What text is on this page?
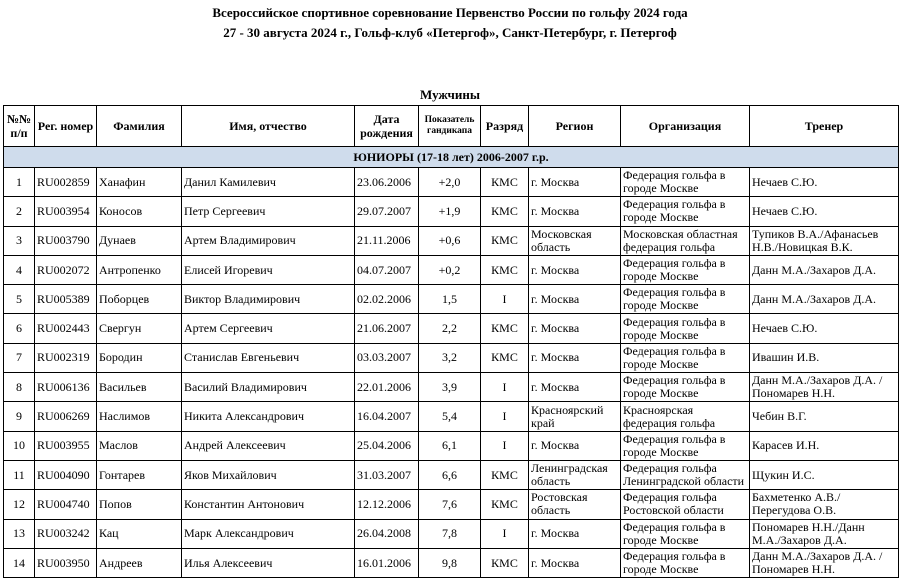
Всероссийское спортивное соревнование Первенство России по гольфу 2024 года
27 - 30 августа 2024 г., Гольф-клуб «Петергоф», Санкт-Петербург, г. Петергоф
Мужчины
№№ п/п	Рег. номер	Фамилия	Имя, отчество	Дата рождения	Показатель гандикапа	Разряд	Регион	Организация	Тренер
ЮНИОРЫ (17-18 лет) 2006-2007 г.р.									
1	RU002859	Ханафин	Данил Камилевич	23.06.2006	+2,0	КМС	г. Москва	Федерация гольфа в городе Москве	Нечаев С.Ю.
2	RU003954	Коносов	Петр Сергеевич	29.07.2007	+1,9	КМС	г. Москва	Федерация гольфа в городе Москве	Нечаев С.Ю.
3	RU003790	Дунаев	Артем Владимирович	21.11.2006	+0,6	КМС	Московская область	Московская областная федерация гольфа	Тупиков В.А./Афанасьев Н.В./Новицкая В.К.
4	RU002072	Антропенко	Елисей Игоревич	04.07.2007	+0,2	КМС	г. Москва	Федерация гольфа в городе Москве	Данн М.А./Захаров Д.А.
5	RU005389	Поборцев	Виктор Владимирович	02.02.2006	1,5	I	г. Москва	Федерация гольфа в городе Москве	Данн М.А./Захаров Д.А.
6	RU002443	Свергун	Артем Сергеевич	21.06.2007	2,2	КМС	г. Москва	Федерация гольфа в городе Москве	Нечаев С.Ю.
7	RU002319	Бородин	Станислав Евгеньевич	03.03.2007	3,2	КМС	г. Москва	Федерация гольфа в городе Москве	Ивашин И.В.
8	RU006136	Васильев	Василий Владимирович	22.01.2006	3,9	I	г. Москва	Федерация гольфа в городе Москве	Данн М.А./Захаров Д.А. /Пономарев Н.Н.
9	RU006269	Наслимов	Никита Александрович	16.04.2007	5,4	I	Красноярский край	Красноярская федерация гольфа	Чебин В.Г.
10	RU003955	Маслов	Андрей Алексеевич	25.04.2006	6,1	I	г. Москва	Федерация гольфа в городе Москве	Карасев И.Н.
11	RU004090	Гонтарев	Яков Михайлович	31.03.2007	6,6	КМС	Ленинградская область	Федерация гольфа Ленинградской области	Щукин И.С.
12	RU004740	Попов	Константин Антонович	12.12.2006	7,6	КМС	Ростовская область	Федерация гольфа Ростовской области	Бахметенко А.В./ Перегудова О.В.
13	RU003242	Кац	Марк Александрович	26.04.2008	7,8	I	г. Москва	Федерация гольфа в городе Москве	Пономарев Н.Н./Данн М.А./Захаров Д.А.
14	RU003950	Андреев	Илья Алексеевич	16.01.2006	9,8	КМС	г. Москва	Федерация гольфа в городе Москве	Данн М.А./Захаров Д.А. /Пономарев Н.Н.
